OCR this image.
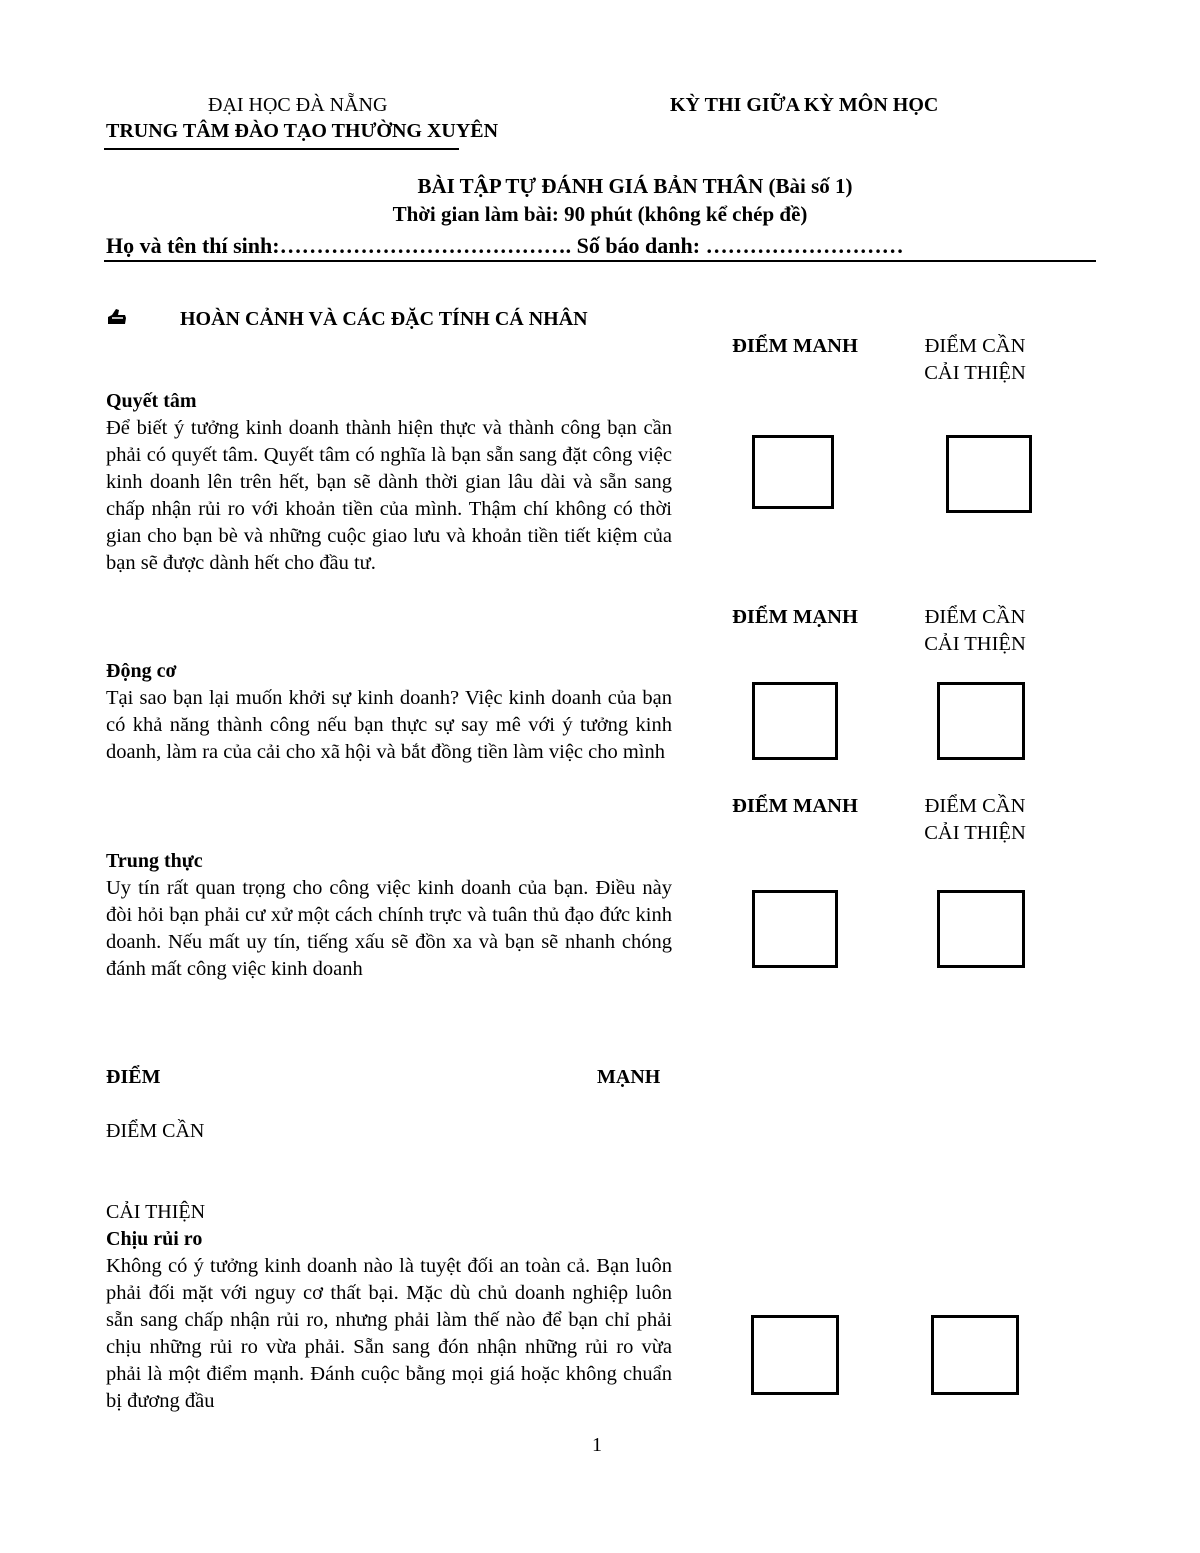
ĐẠI HỌC ĐÀ NẴNG
TRUNG TÂM ĐÀO TẠO THƯỜNG XUYÊN
KỲ THI GIỮA KỲ MÔN HỌC
BÀI TẬP TỰ ĐÁNH GIÁ BẢN THÂN (Bài số 1)
Thời gian làm bài: 90 phút (không kể chép đề)
Họ và tên thí sinh:…………………………………. Số báo danh: ………………………
HOÀN CẢNH VÀ CÁC ĐẶC TÍNH CÁ NHÂN
ĐIỂM MANH	ĐIỂM CẦN CẢI THIỆN
Quyết tâm
Để biết ý tưởng kinh doanh thành hiện thực và thành công bạn cần phải có quyết tâm. Quyết tâm có nghĩa là bạn sẵn sang đặt công việc kinh doanh lên trên hết, bạn sẽ dành thời gian lâu dài và sẵn sang chấp nhận rủi ro với khoản tiền của mình. Thậm chí không có thời gian cho bạn bè và những cuộc giao lưu và khoản tiền tiết kiệm của bạn sẽ được dành hết cho đầu tư.
ĐIỂM MẠNH	ĐIỂM CẦN CẢI THIỆN
Động cơ
Tại sao bạn lại muốn khởi sự kinh doanh? Việc kinh doanh của bạn có khả năng thành công nếu bạn thực sự say mê với ý tưởng kinh doanh, làm ra của cải cho xã hội và bắt đồng tiền làm việc cho mình
ĐIỂM MANH	ĐIỂM CẦN CẢI THIỆN
Trung thực
Uy tín rất quan trọng cho công việc kinh doanh của bạn. Điều này đòi hỏi bạn phải cư xử một cách chính trực và tuân thủ đạo đức kinh doanh. Nếu mất uy tín, tiếng xấu sẽ đồn xa và bạn sẽ nhanh chóng đánh mất công việc kinh doanh
ĐIỂM	MẠNH
ĐIỂM CẦN
CẢI THIỆN
Chịu rủi ro
Không có ý tưởng kinh doanh nào là tuyệt đối an toàn cả. Bạn luôn phải đối mặt với nguy cơ thất bại. Mặc dù chủ doanh nghiệp luôn sẵn sang chấp nhận rủi ro, nhưng phải làm thế nào để bạn chỉ phải chịu những rủi ro vừa phải. Sẵn sang đón nhận những rủi ro vừa phải là một điểm mạnh. Đánh cuộc bằng mọi giá hoặc không chuẩn bị đương đầu
1
